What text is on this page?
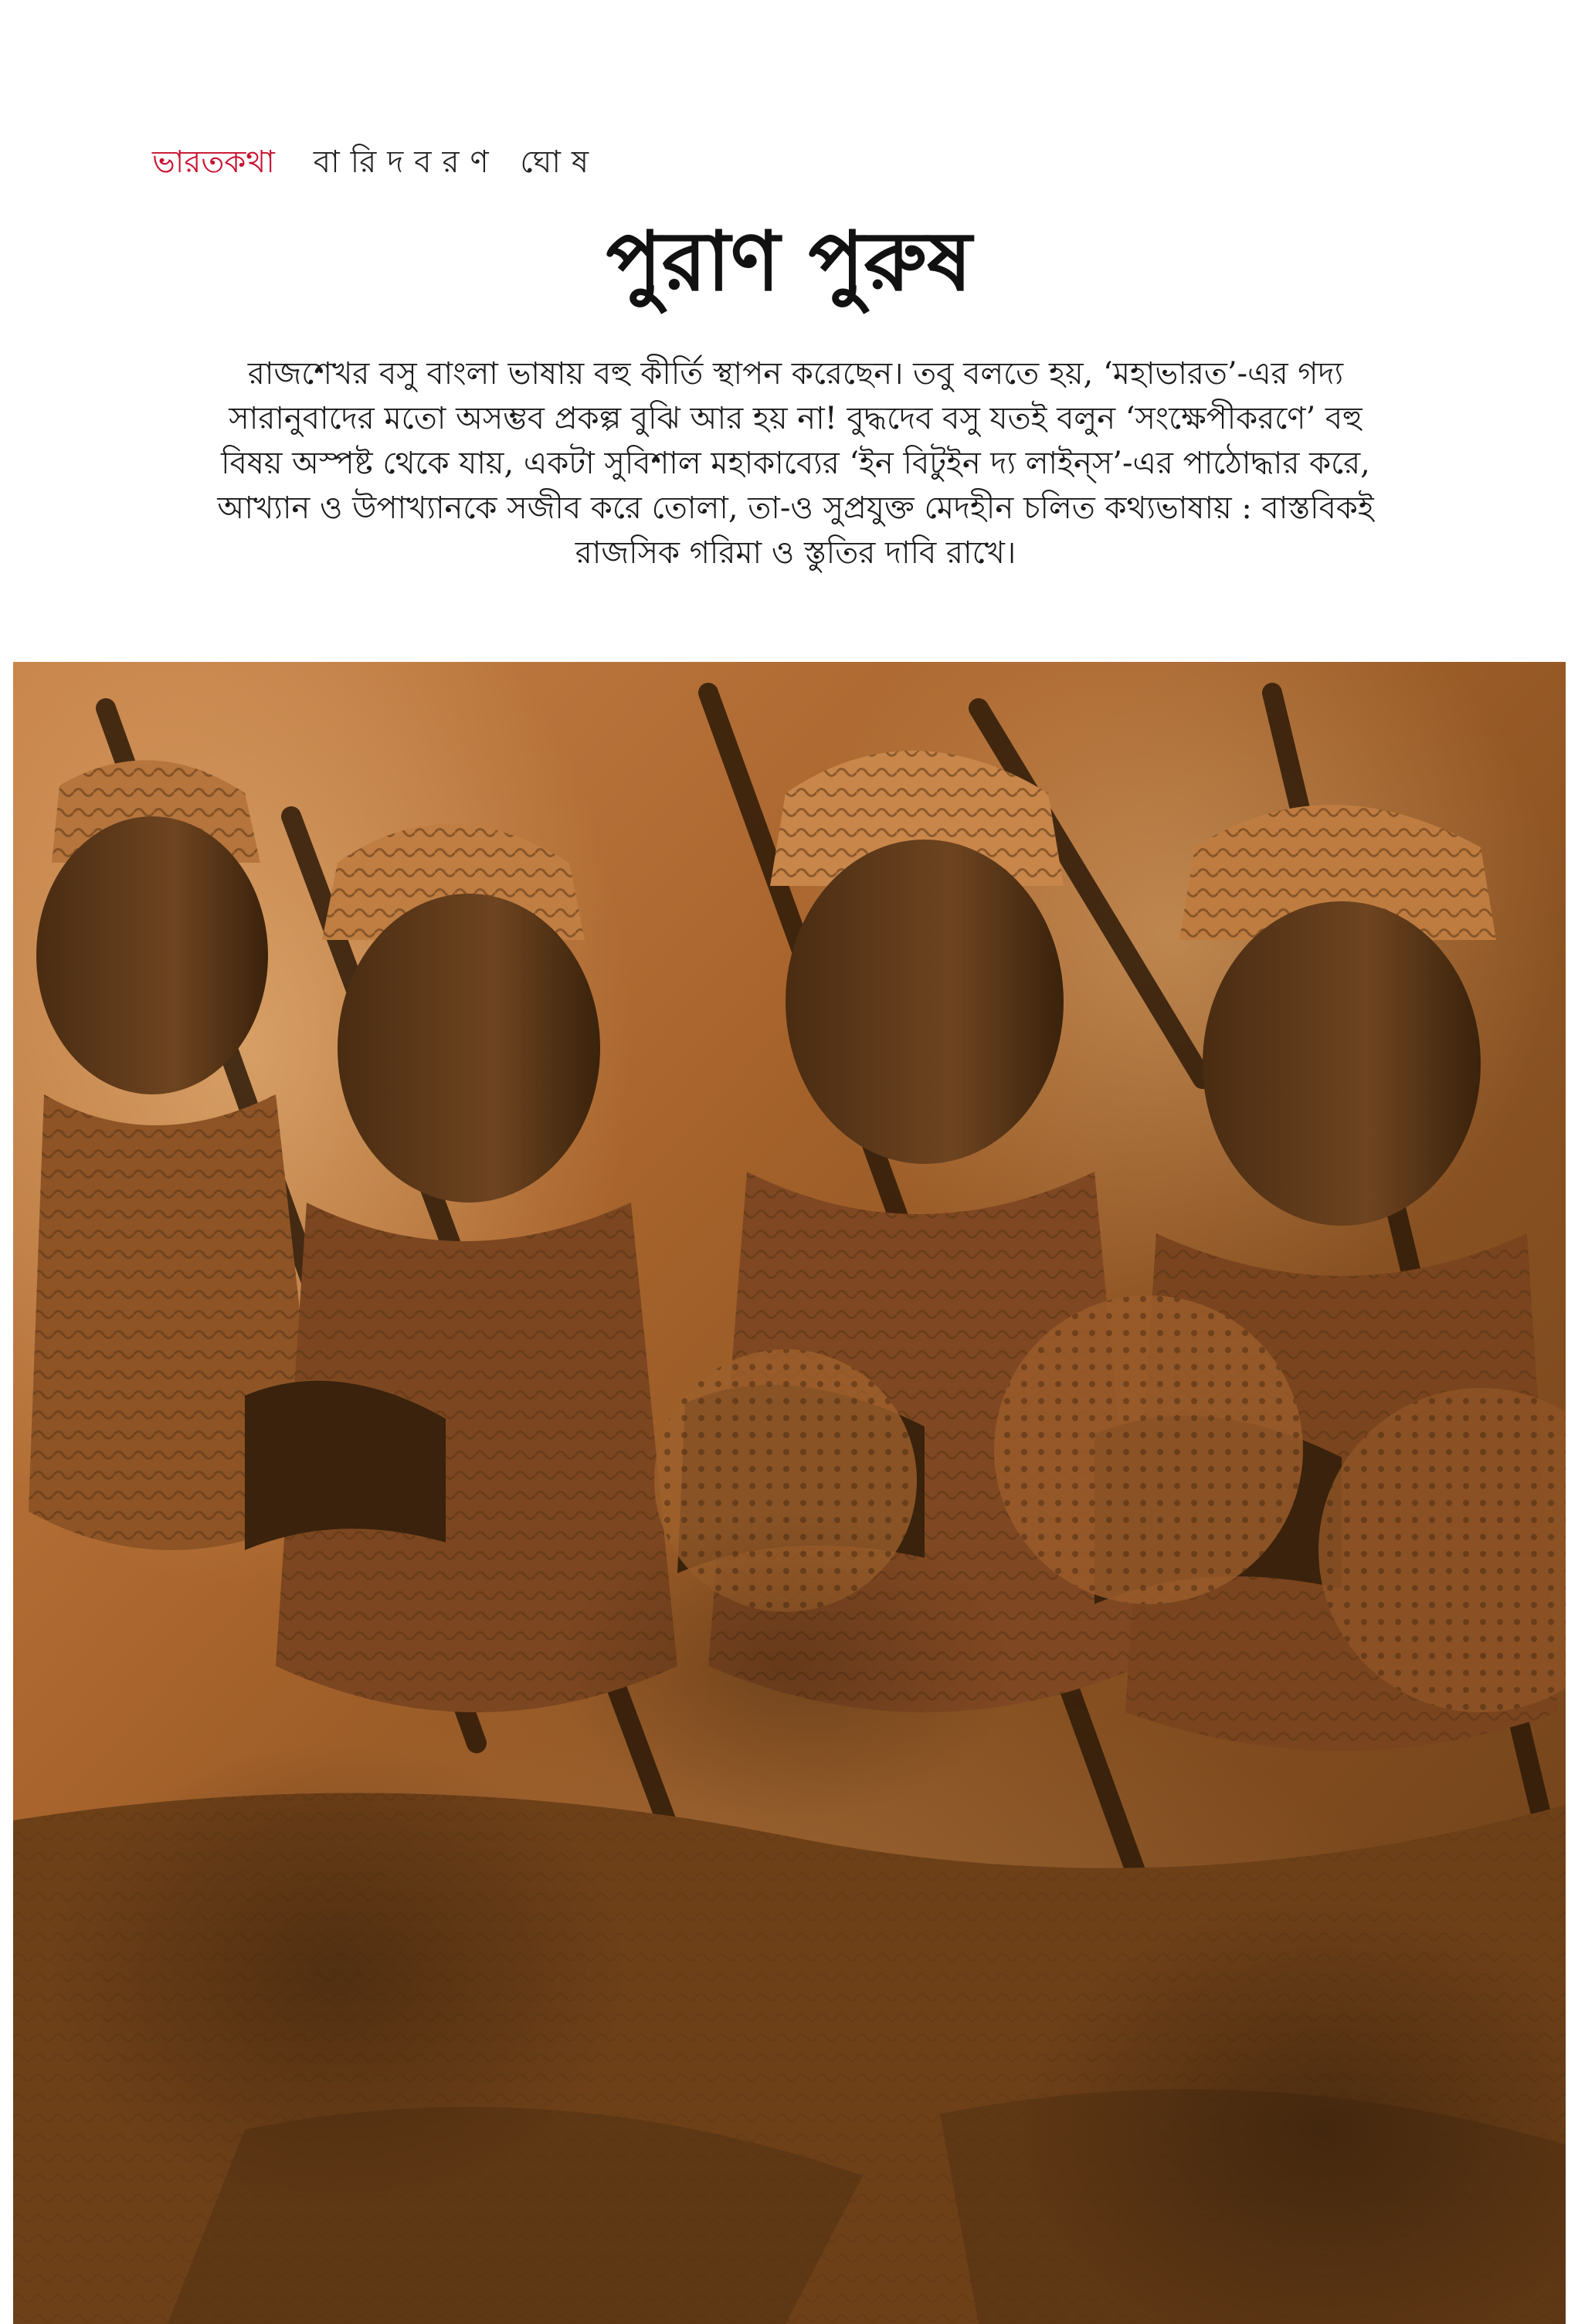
ভারতকথা বারিদবরণ ঘোষ
পুরাণ পুরুষ

রাজশেখর বসু বাংলা ভাষায় বহু কীর্তি স্থাপন করেছেন। তবু বলতে হয়, ‘মহাভারত’-এর গদ্য
সারানুবাদের মতো অসম্ভব প্রকল্প বুঝি আর হয় না! বুদ্ধদেব বসু যতই বলুন ‘সংক্ষেপীকরণে’ বহু
বিষয় অস্পষ্ট থেকে যায়, একটা সুবিশাল মহাকাব্যের ‘ইন বিটুইন দ্য লাইন্‌স’-এর পাঠোদ্ধার করে,
আখ্যান ও উপাখ্যানকে সজীব করে তোলা, তা-ও সুপ্রযুক্ত মেদহীন চলিত কথ্যভাষায় : বাস্তবিকই
রাজসিক গরিমা ও স্তুতির দাবি রাখে।
